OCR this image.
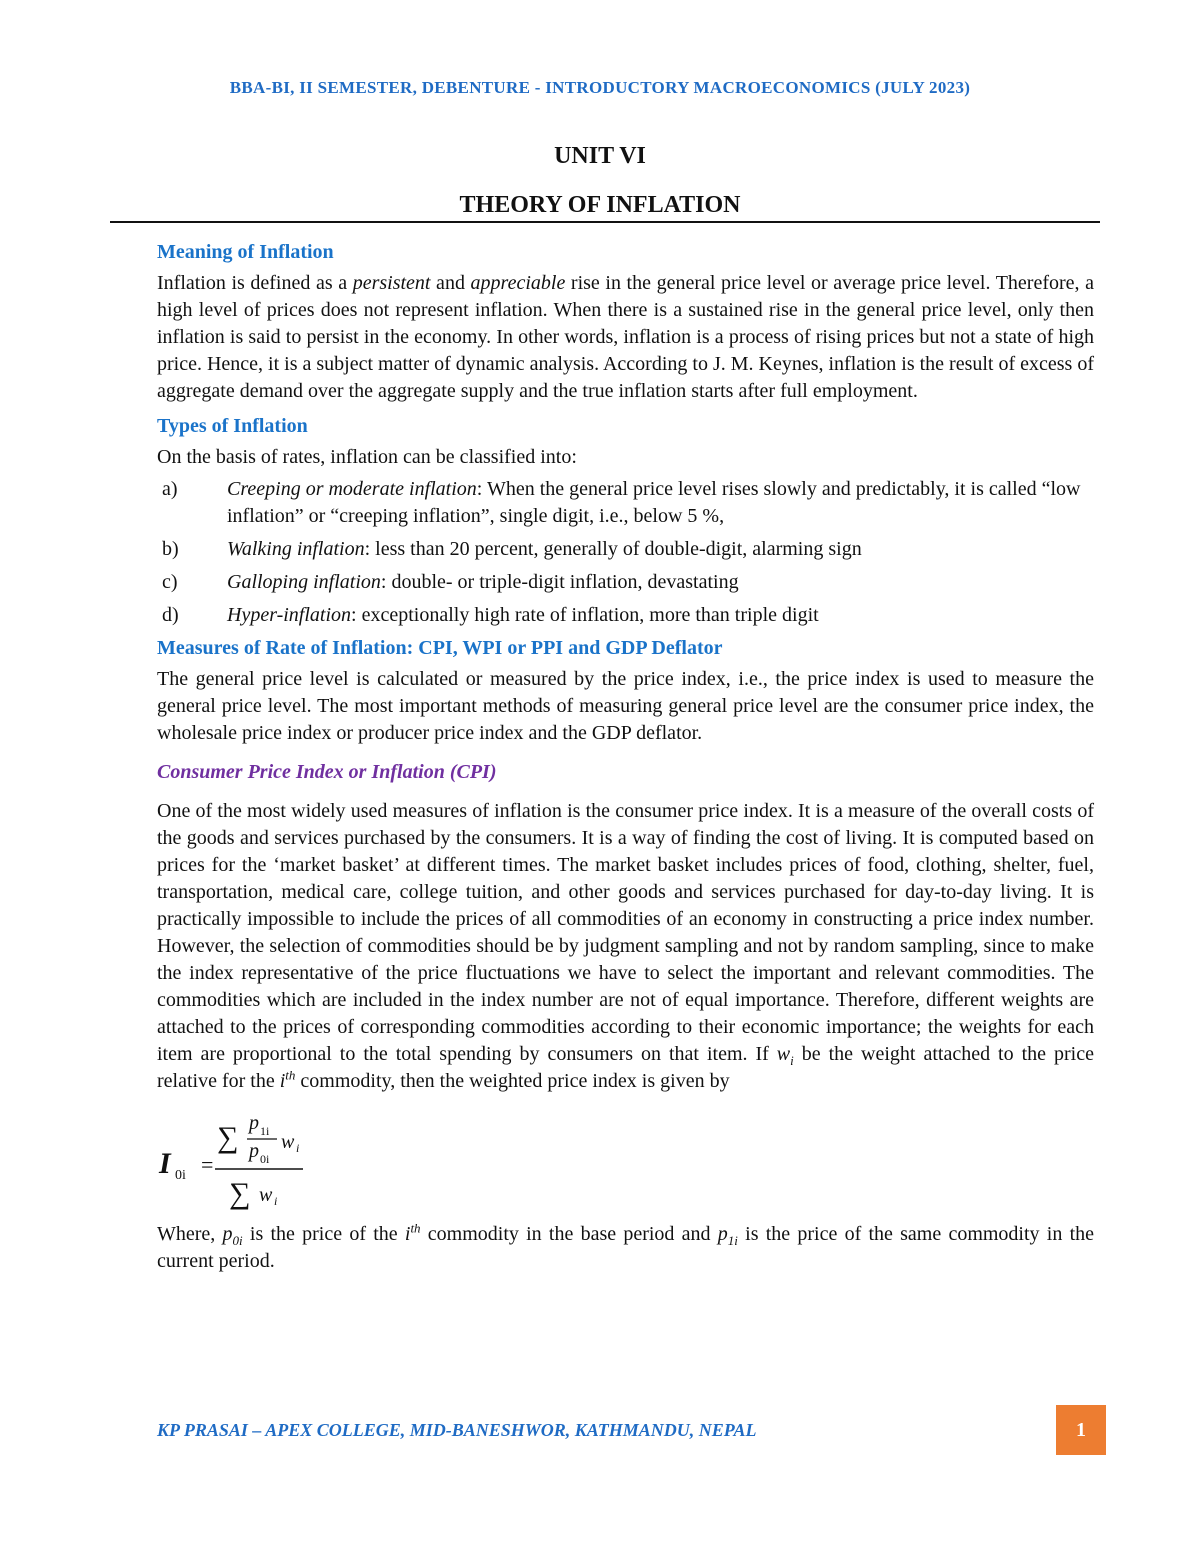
BBA-BI, II SEMESTER, DEBENTURE - INTRODUCTORY MACROECONOMICS (JULY 2023)
UNIT VI
THEORY OF INFLATION
Meaning of Inflation

Inflation is defined as a persistent and appreciable rise in the general price level or average price level. Therefore, a high level of prices does not represent inflation. When there is a sustained rise in the general price level, only then inflation is said to persist in the economy. In other words, inflation is a process of rising prices but not a state of high price. Hence, it is a subject matter of dynamic analysis. According to J. M. Keynes, inflation is the result of excess of aggregate demand over the aggregate supply and the true inflation starts after full employment.

Types of Inflation

On the basis of rates, inflation can be classified into:

a) Creeping or moderate inflation: When the general price level rises slowly and predictably, it is called “low inflation” or “creeping inflation”, single digit, i.e., below 5 %,
b) Walking inflation: less than 20 percent, generally of double-digit, alarming sign
c) Galloping inflation: double- or triple-digit inflation, devastating
d) Hyper-inflation: exceptionally high rate of inflation, more than triple digit
Measures of Rate of Inflation: CPI, WPI or PPI and GDP Deflator

The general price level is calculated or measured by the price index, i.e., the price index is used to measure the general price level. The most important methods of measuring general price level are the consumer price index, the wholesale price index or producer price index and the GDP deflator.

Consumer Price Index or Inflation (CPI)

One of the most widely used measures of inflation is the consumer price index. It is a measure of the overall costs of the goods and services purchased by the consumers. It is a way of finding the cost of living. It is computed based on prices for the ‘market basket’ at different times. The market basket includes prices of food, clothing, shelter, fuel, transportation, medical care, college tuition, and other goods and services purchased for day-to-day living. It is practically impossible to include the prices of all commodities of an economy in constructing a price index number. However, the selection of commodities should be by judgment sampling and not by random sampling, since to make the index representative of the price fluctuations we have to select the important and relevant commodities. The commodities which are included in the index number are not of equal importance. Therefore, different weights are attached to the prices of corresponding commodities according to their economic importance; the weights for each item are proportional to the total spending by consumers on that item. If $w_i$ be the weight attached to the price relative for the $i^{th}$ commodity, then the weighted price index is given by

I 0i =
∑ p 1i
p 0i
w i
∑ w i

Where, $p_{0i}$ is the price of the $i^{th}$ commodity in the base period and $p_{1i}$ is the price of the same commodity in the current period.

KP PRASAI – APEX COLLEGE, MID-BANESHWOR, KATHMANDU, NEPAL	1
